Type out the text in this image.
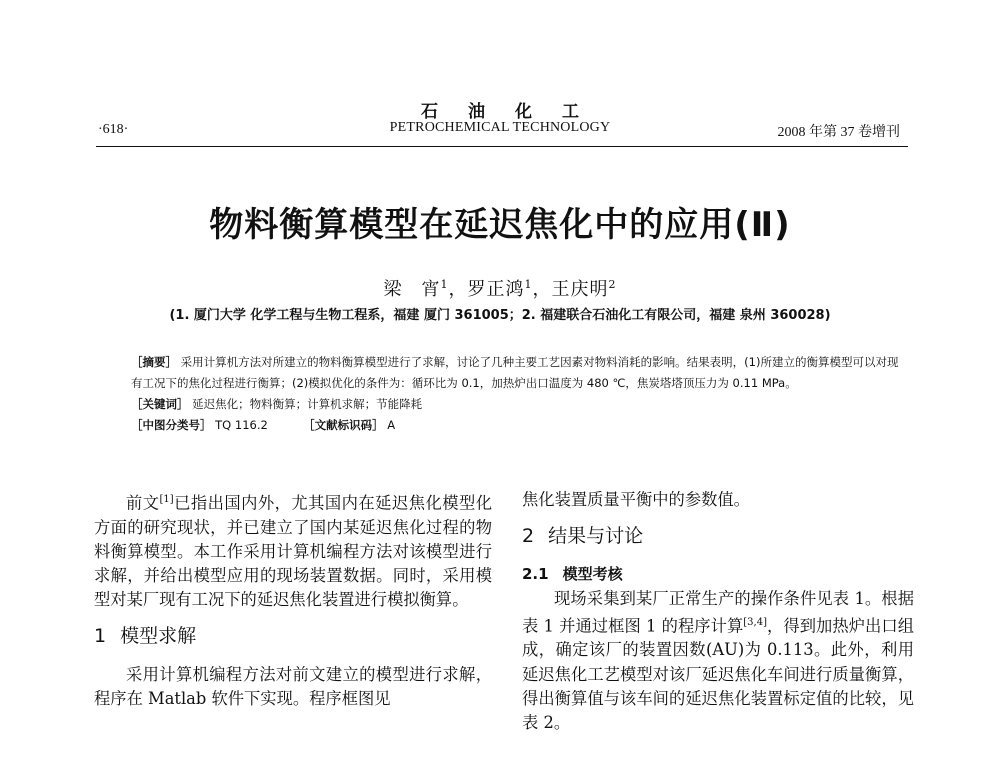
石油化工
·618·	PETROCHEMICAL TECHNOLOGY	2008 年第 37 卷增刊
物料衡算模型在延迟焦化中的应用(Ⅱ)
梁　宵$^1$，罗正鸿$^1$，王庆明$^2$
(1. 厦门大学 化学工程与生物工程系，福建 厦门 361005；2. 福建联合石油化工有限公司，福建 泉州 360028)
［摘要］ 采用计算机方法对所建立的物料衡算模型进行了求解，讨论了几种主要工艺因素对物料消耗的影响。结果表明，(1)所建立的衡算模型可以对现有工况下的焦化过程进行衡算；(2)模拟优化的条件为：循环比为 0.1，加热炉出口温度为 480 ℃，焦炭塔塔顶压力为 0.11 MPa。
［关键词］ 延迟焦化；物料衡算；计算机求解；节能降耗
［中图分类号］ TQ 116.2	［文献标识码］ A

前文[1]已指出国内外，尤其国内在延迟焦化模型化方面的研究现状，并已建立了国内某延迟焦化过程的物料衡算模型。本工作采用计算机编程方法对该模型进行求解，并给出模型应用的现场装置数据。同时，采用模型对某厂现有工况下的延迟焦化装置进行模拟衡算。

1 模型求解

采用计算机编程方法对前文建立的模型进行求解，程序在 Matlab 软件下实现。程序框图见

焦化装置质量平衡中的参数值。

2 结果与讨论
2.1 模型考核

现场采集到某厂正常生产的操作条件见表 1。根据表 1 并通过框图 1 的程序计算[3,4]，得到加热炉出口组成，确定该厂的装置因数(AU)为 0.113。此外，利用延迟焦化工艺模型对该厂延迟焦化车间进行质量衡算，得出衡算值与该车间的延迟焦化装置标定值的比较，见表 2。
